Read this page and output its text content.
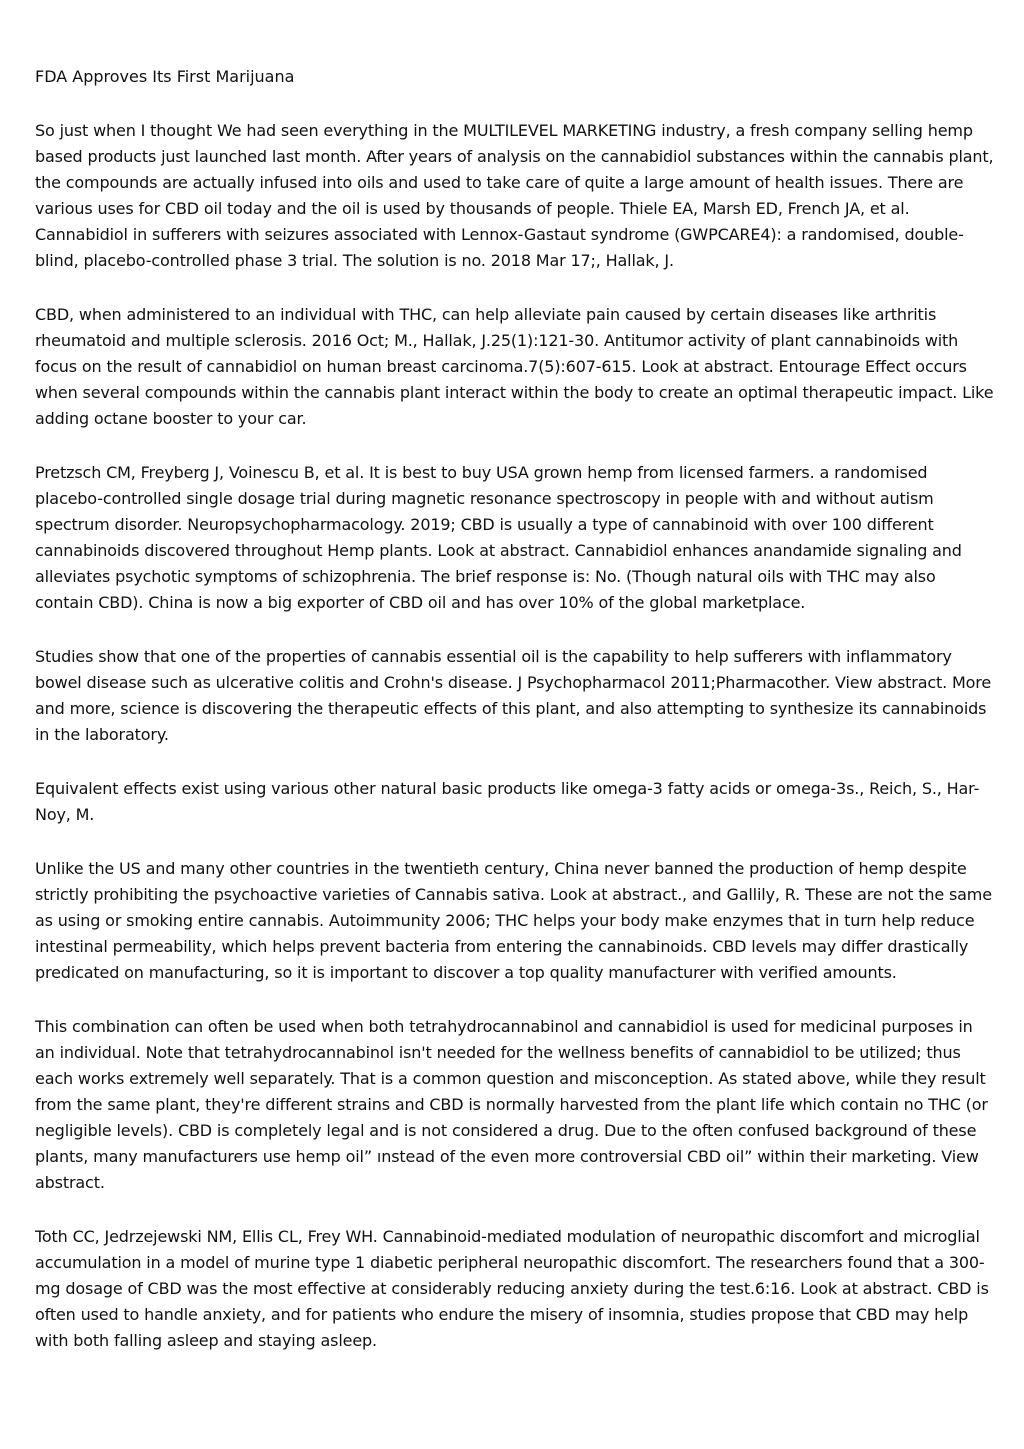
FDA Approves Its First Marijuana

So just when I thought We had seen everything in the MULTILEVEL MARKETING industry, a fresh company selling hemp based products just launched last month. After years of analysis on the cannabidiol substances within the cannabis plant, the compounds are actually infused into oils and used to take care of quite a large amount of health issues. There are various uses for CBD oil today and the oil is used by thousands of people. Thiele EA, Marsh ED, French JA, et al. Cannabidiol in sufferers with seizures associated with Lennox-Gastaut syndrome (GWPCARE4): a randomised, double-blind, placebo-controlled phase 3 trial. The solution is no. 2018 Mar 17;, Hallak, J.

CBD, when administered to an individual with THC, can help alleviate pain caused by certain diseases like arthritis rheumatoid and multiple sclerosis. 2016 Oct; M., Hallak, J.25(1):121-30. Antitumor activity of plant cannabinoids with focus on the result of cannabidiol on human breast carcinoma.7(5):607-615. Look at abstract. Entourage Effect occurs when several compounds within the cannabis plant interact within the body to create an optimal therapeutic impact. Like adding octane booster to your car.

Pretzsch CM, Freyberg J, Voinescu B, et al. It is best to buy USA grown hemp from licensed farmers. a randomised placebo-controlled single dosage trial during magnetic resonance spectroscopy in people with and without autism spectrum disorder. Neuropsychopharmacology. 2019; CBD is usually a type of cannabinoid with over 100 different cannabinoids discovered throughout Hemp plants. Look at abstract. Cannabidiol enhances anandamide signaling and alleviates psychotic symptoms of schizophrenia. The brief response is: No. (Though natural oils with THC may also contain CBD). China is now a big exporter of CBD oil and has over 10% of the global marketplace.

Studies show that one of the properties of cannabis essential oil is the capability to help sufferers with inflammatory bowel disease such as ulcerative colitis and Crohn's disease. J Psychopharmacol 2011;Pharmacother. View abstract. More and more, science is discovering the therapeutic effects of this plant, and also attempting to synthesize its cannabinoids in the laboratory.

Equivalent effects exist using various other natural basic products like omega-3 fatty acids or omega-3s., Reich, S., Har-Noy, M.

Unlike the US and many other countries in the twentieth century, China never banned the production of hemp despite strictly prohibiting the psychoactive varieties of Cannabis sativa. Look at abstract., and Gallily, R. These are not the same as using or smoking entire cannabis. Autoimmunity 2006; THC helps your body make enzymes that in turn help reduce intestinal permeability, which helps prevent bacteria from entering the cannabinoids. CBD levels may differ drastically predicated on manufacturing, so it is important to discover a top quality manufacturer with verified amounts.

This combination can often be used when both tetrahydrocannabinol and cannabidiol is used for medicinal purposes in an individual. Note that tetrahydrocannabinol isn't needed for the wellness benefits of cannabidiol to be utilized; thus each works extremely well separately. That is a common question and misconception. As stated above, while they result from the same plant, they're different strains and CBD is normally harvested from the plant life which contain no THC (or negligible levels). CBD is completely legal and is not considered a drug. Due to the often confused background of these plants, many manufacturers use hemp oil” ınstead of the even more controversial CBD oil” within their marketing. View abstract.

Toth CC, Jedrzejewski NM, Ellis CL, Frey WH. Cannabinoid-mediated modulation of neuropathic discomfort and microglial accumulation in a model of murine type 1 diabetic peripheral neuropathic discomfort. The researchers found that a 300-mg dosage of CBD was the most effective at considerably reducing anxiety during the test.6:16. Look at abstract. CBD is often used to handle anxiety, and for patients who endure the misery of insomnia, studies propose that CBD may help with both falling asleep and staying asleep.
